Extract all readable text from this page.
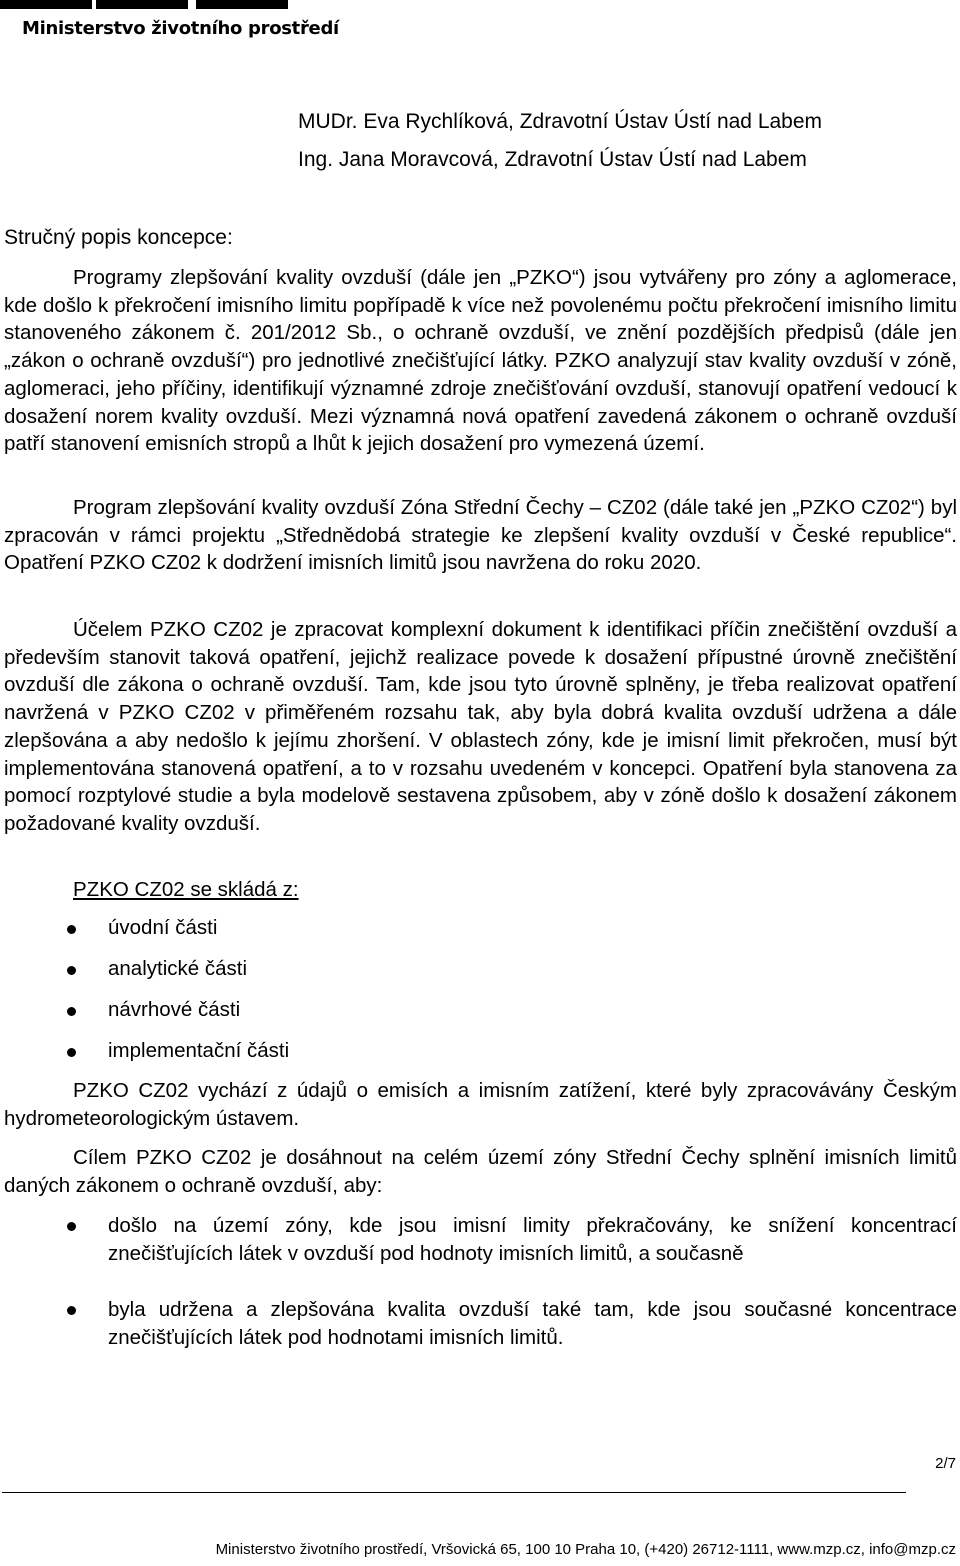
Ministerstvo životního prostředí
MUDr. Eva Rychlíková, Zdravotní Ústav Ústí nad Labem
Ing. Jana Moravcová, Zdravotní Ústav Ústí nad Labem
Stručný popis koncepce:

Programy zlepšování kvality ovzduší (dále jen „PZKO“) jsou vytvářeny pro zóny a aglomerace, kde došlo k překročení imisního limitu popřípadě k více než povolenému počtu překročení imisního limitu stanoveného zákonem č. 201/2012 Sb., o ochraně ovzduší, ve znění pozdějších předpisů (dále jen „zákon o ochraně ovzduší“) pro jednotlivé znečišťující látky. PZKO analyzují stav kvality ovzduší v zóně, aglomeraci, jeho příčiny, identifikují významné zdroje znečišťování ovzduší, stanovují opatření vedoucí k dosažení norem kvality ovzduší. Mezi významná nová opatření zavedená zákonem o ochraně ovzduší patří stanovení emisních stropů a lhůt k jejich dosažení pro vymezená území.

Program zlepšování kvality ovzduší Zóna Střední Čechy – CZ02 (dále také jen „PZKO CZ02“) byl zpracován v rámci projektu „Střednědobá strategie ke zlepšení kvality ovzduší v České republice“. Opatření PZKO CZ02 k dodržení imisních limitů jsou navržena do roku 2020.

Účelem PZKO CZ02 je zpracovat komplexní dokument k identifikaci příčin znečištění ovzduší a především stanovit taková opatření, jejichž realizace povede k dosažení přípustné úrovně znečištění ovzduší dle zákona o ochraně ovzduší. Tam, kde jsou tyto úrovně splněny, je třeba realizovat opatření navržená v PZKO CZ02 v přiměřeném rozsahu tak, aby byla dobrá kvalita ovzduší udržena a dále zlepšována a aby nedošlo k jejímu zhoršení. V oblastech zóny, kde je imisní limit překročen, musí být implementována stanovená opatření, a to v rozsahu uvedeném v koncepci. Opatření byla stanovena za pomocí rozptylové studie a byla modelově sestavena způsobem, aby v zóně došlo k dosažení zákonem požadované kvality ovzduší.

PZKO CZ02 se skládá z:
úvodní části
analytické části
návrhové části
implementační části

PZKO CZ02 vychází z údajů o emisích a imisním zatížení, které byly zpracovávány Českým hydrometeorologickým ústavem.

Cílem PZKO CZ02 je dosáhnout na celém území zóny Střední Čechy splnění imisních limitů daných zákonem o ochraně ovzduší, aby:

došlo na území zóny, kde jsou imisní limity překračovány, ke snížení koncentrací znečišťujících látek v ovzduší pod hodnoty imisních limitů, a současně
byla udržena a zlepšována kvalita ovzduší také tam, kde jsou současné koncentrace znečišťujících látek pod hodnotami imisních limitů.
2/7
Ministerstvo životního prostředí, Vršovická 65, 100 10 Praha 10, (+420) 26712-1111, www.mzp.cz, info@mzp.cz
